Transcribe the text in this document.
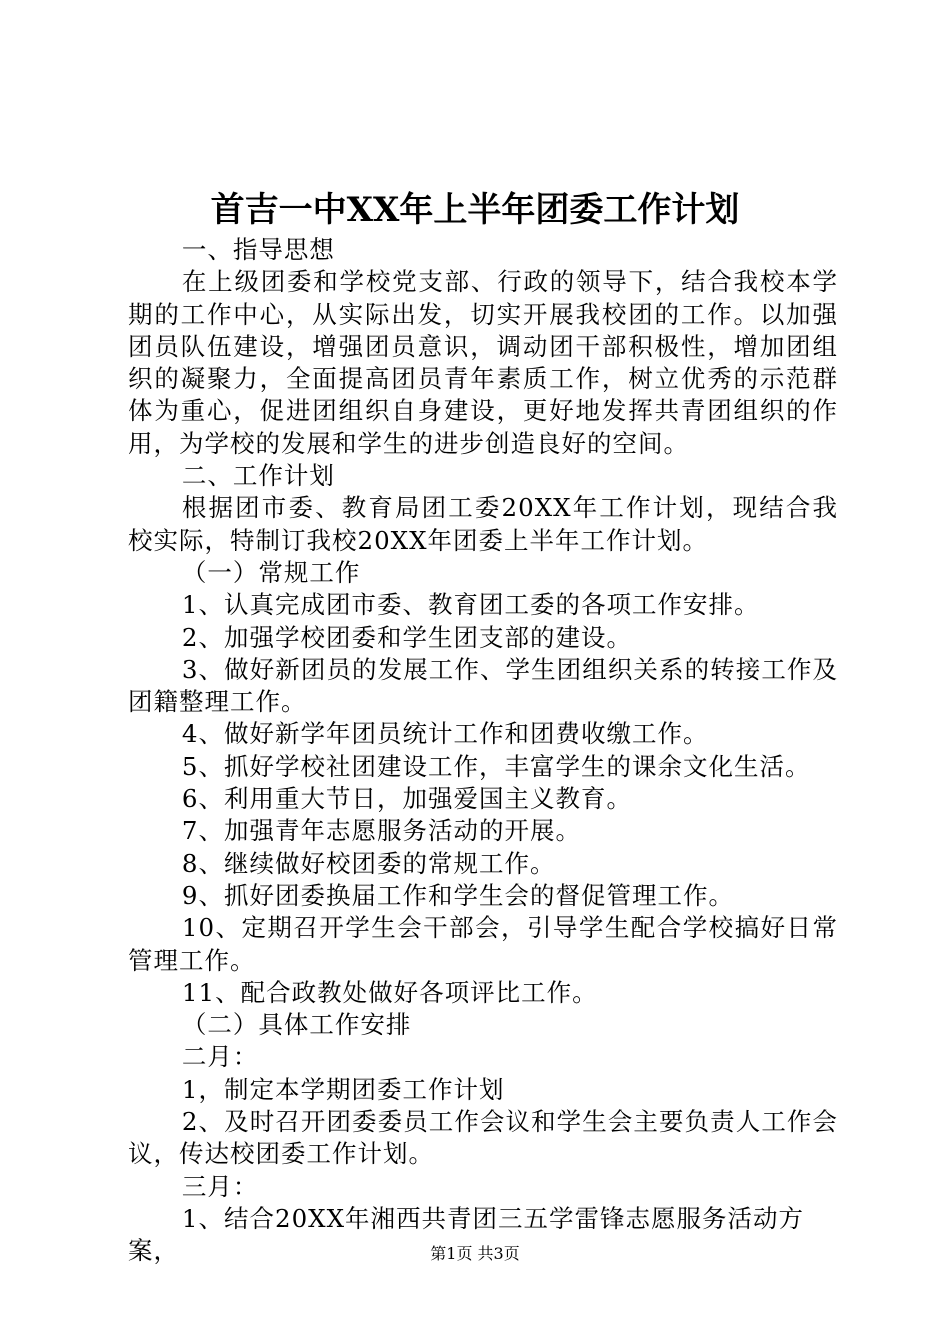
首吉一中XX年上半年团委工作计划

一、指导思想

在上级团委和学校党支部、行政的领导下，结合我校本学期的工作中心，从实际出发，切实开展我校团的工作。以加强团员队伍建设，增强团员意识，调动团干部积极性，增加团组织的凝聚力，全面提高团员青年素质工作，树立优秀的示范群体为重心，促进团组织自身建设，更好地发挥共青团组织的作用，为学校的发展和学生的进步创造良好的空间。

二、工作计划

根据团市委、教育局团工委20XX年工作计划，现结合我校实际，特制订我校20XX年团委上半年工作计划。

（一）常规工作

1、认真完成团市委、教育团工委的各项工作安排。

2、加强学校团委和学生团支部的建设。

3、做好新团员的发展工作、学生团组织关系的转接工作及团籍整理工作。

4、做好新学年团员统计工作和团费收缴工作。

5、抓好学校社团建设工作，丰富学生的课余文化生活。

6、利用重大节日，加强爱国主义教育。

7、加强青年志愿服务活动的开展。

8、继续做好校团委的常规工作。

9、抓好团委换届工作和学生会的督促管理工作。

10、定期召开学生会干部会，引导学生配合学校搞好日常管理工作。

11、配合政教处做好各项评比工作。

（二）具体工作安排

二月：

1，制定本学期团委工作计划

2、及时召开团委委员工作会议和学生会主要负责人工作会议，传达校团委工作计划。

三月：

1、结合20XX年湘西共青团三五学雷锋志愿服务活动方案，	第1页 共3页
